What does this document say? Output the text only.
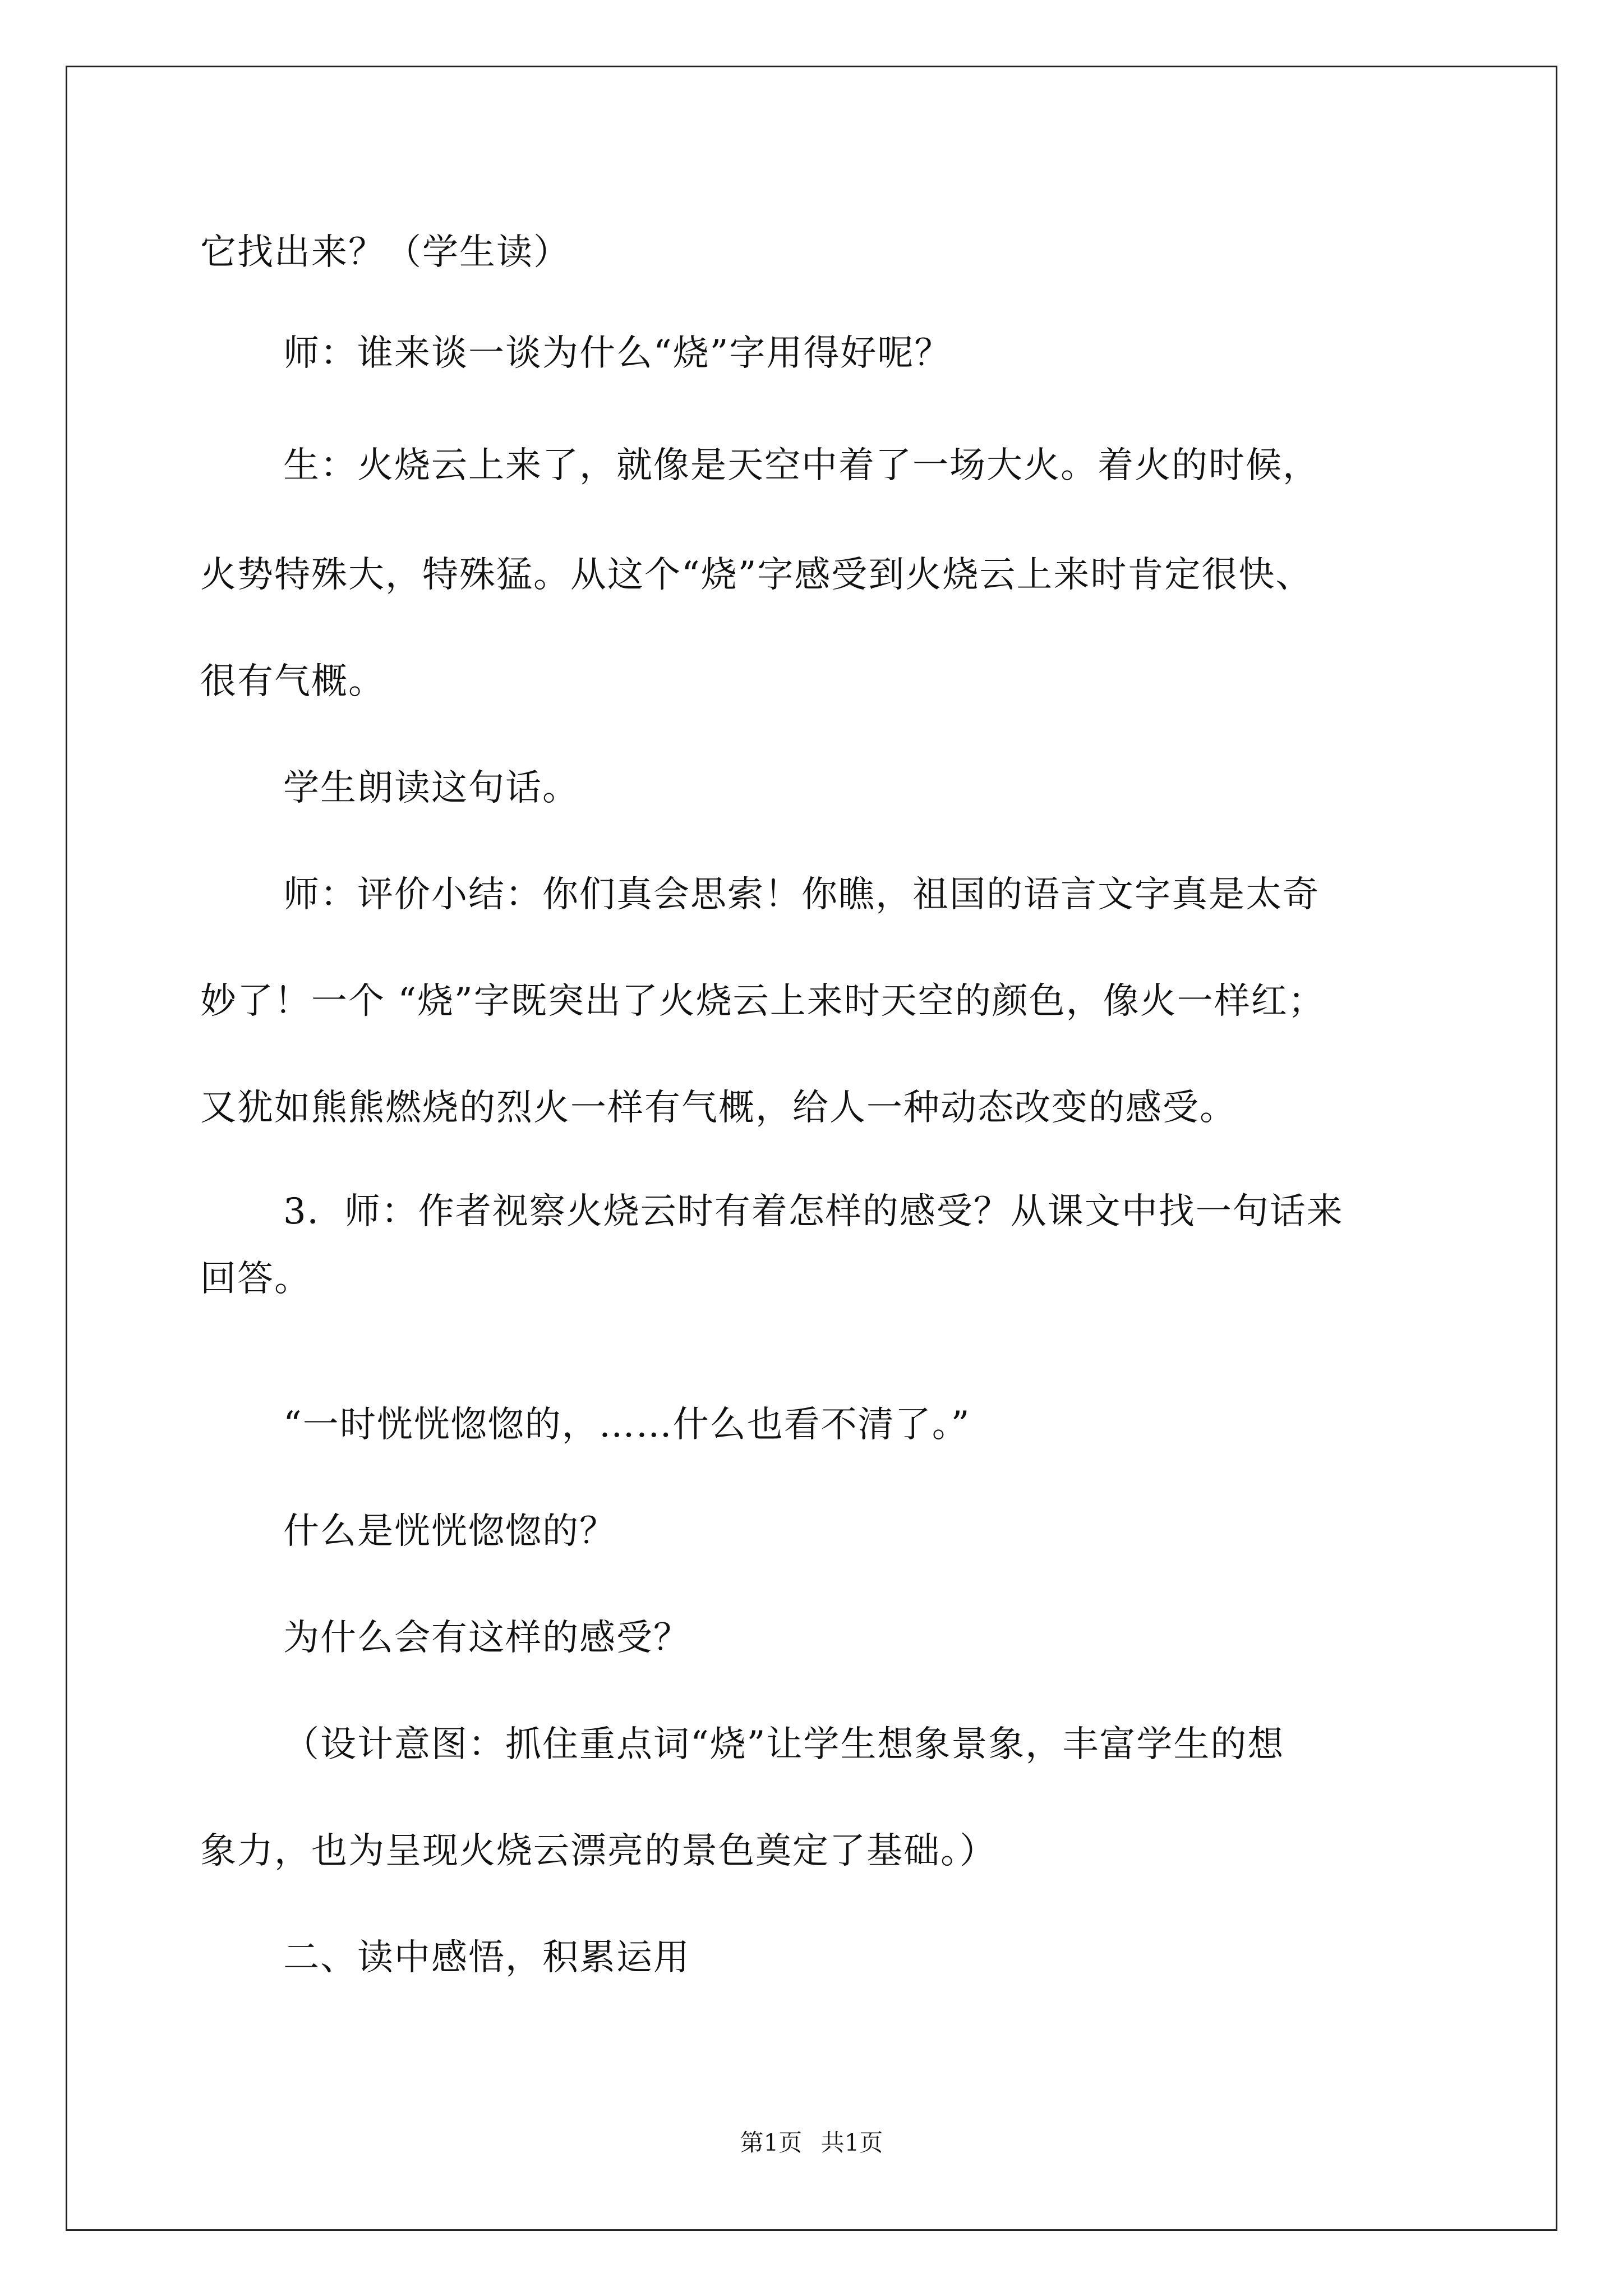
它找出来？（学生读）
师：谁来谈一谈为什么“烧”字用得好呢？
生：火烧云上来了，就像是天空中着了一场大火。着火的时候，
火势特殊大，特殊猛。从这个“烧”字感受到火烧云上来时肯定很快、
很有气概。
学生朗读这句话。
师：评价小结：你们真会思索！你瞧，祖国的语言文字真是太奇
妙了！一个 “烧”字既突出了火烧云上来时天空的颜色，像火一样红；
又犹如熊熊燃烧的烈火一样有气概，给人一种动态改变的感受。
3．师：作者视察火烧云时有着怎样的感受？从课文中找一句话来
回答。
“一时恍恍惚惚的，……什么也看不清了。”
什么是恍恍惚惚的？
为什么会有这样的感受？
（设计意图：抓住重点词“烧”让学生想象景象，丰富学生的想
象力，也为呈现火烧云漂亮的景色奠定了基础。）
二、读中感悟，积累运用
第1页 共1页
